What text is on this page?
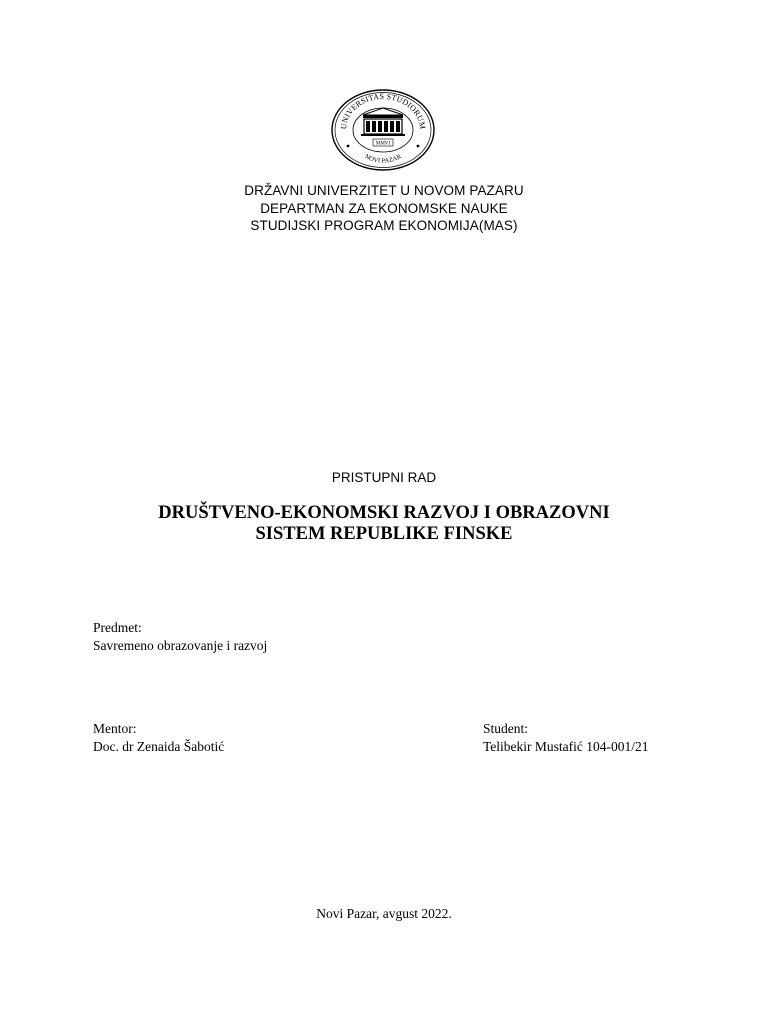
UNIVERSITAS STUDIORUM
NOVI PAZAR
MMVI
DRŽAVNI UNIVERZITET U NOVOM PAZARU
DEPARTMAN ZA EKONOMSKE NAUKE
STUDIJSKI PROGRAM EKONOMIJA(MAS)
PRISTUPNI RAD
DRUŠTVENO-EKONOMSKI RAZVOJ I OBRAZOVNI
SISTEM REPUBLIKE FINSKE
Predmet:
Savremeno obrazovanje i razvoj
Mentor:
Doc. dr Zenaida Šabotić
Student:
Telibekir Mustafić 104-001/21
Novi Pazar, avgust 2022.
